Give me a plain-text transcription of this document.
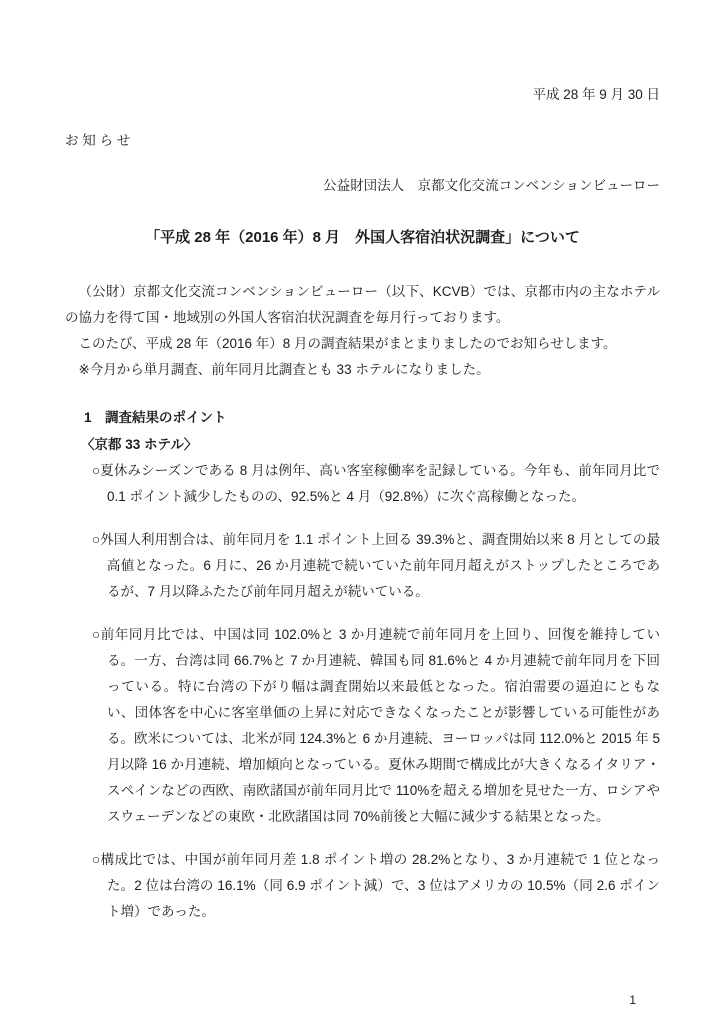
平成 28 年 9 月 30 日
お 知 ら せ
公益財団法人　京都文化交流コンベンションビューロー
「平成 28 年（2016 年）8 月　外国人客宿泊状況調査」について

（公財）京都文化交流コンベンションビューロー（以下、KCVB）では、京都市内の主なホテルの協力を得て国・地域別の外国人客宿泊状況調査を毎月行っております。

このたび、平成 28 年（2016 年）8 月の調査結果がまとまりましたのでお知らせします。

※今月から単月調査、前年同月比調査とも 33 ホテルになりました。

1　調査結果のポイント
〈京都 33 ホテル〉

○夏休みシーズンである 8 月は例年、高い客室稼働率を記録している。今年も、前年同月比で 0.1 ポイント減少したものの、92.5%と 4 月（92.8%）に次ぐ高稼働となった。

○外国人利用割合は、前年同月を 1.1 ポイント上回る 39.3%と、調査開始以来 8 月としての最高値となった。6 月に、26 か月連続で続いていた前年同月超えがストップしたところであるが、7 月以降ふたたび前年同月超えが続いている。

○前年同月比では、中国は同 102.0%と 3 か月連続で前年同月を上回り、回復を維持している。一方、台湾は同 66.7%と 7 か月連続、韓国も同 81.6%と 4 か月連続で前年同月を下回っている。特に台湾の下がり幅は調査開始以来最低となった。宿泊需要の逼迫にともない、団体客を中心に客室単価の上昇に対応できなくなったことが影響している可能性がある。欧米については、北米が同 124.3%と 6 か月連続、ヨーロッパは同 112.0%と 2015 年 5 月以降 16 か月連続、増加傾向となっている。夏休み期間で構成比が大きくなるイタリア・スペインなどの西欧、南欧諸国が前年同月比で 110%を超える増加を見せた一方、ロシアやスウェーデンなどの東欧・北欧諸国は同 70%前後と大幅に減少する結果となった。

○構成比では、中国が前年同月差 1.8 ポイント増の 28.2%となり、3 か月連続で 1 位となった。2 位は台湾の 16.1%（同 6.9 ポイント減）で、3 位はアメリカの 10.5%（同 2.6 ポイント増）であった。

1
